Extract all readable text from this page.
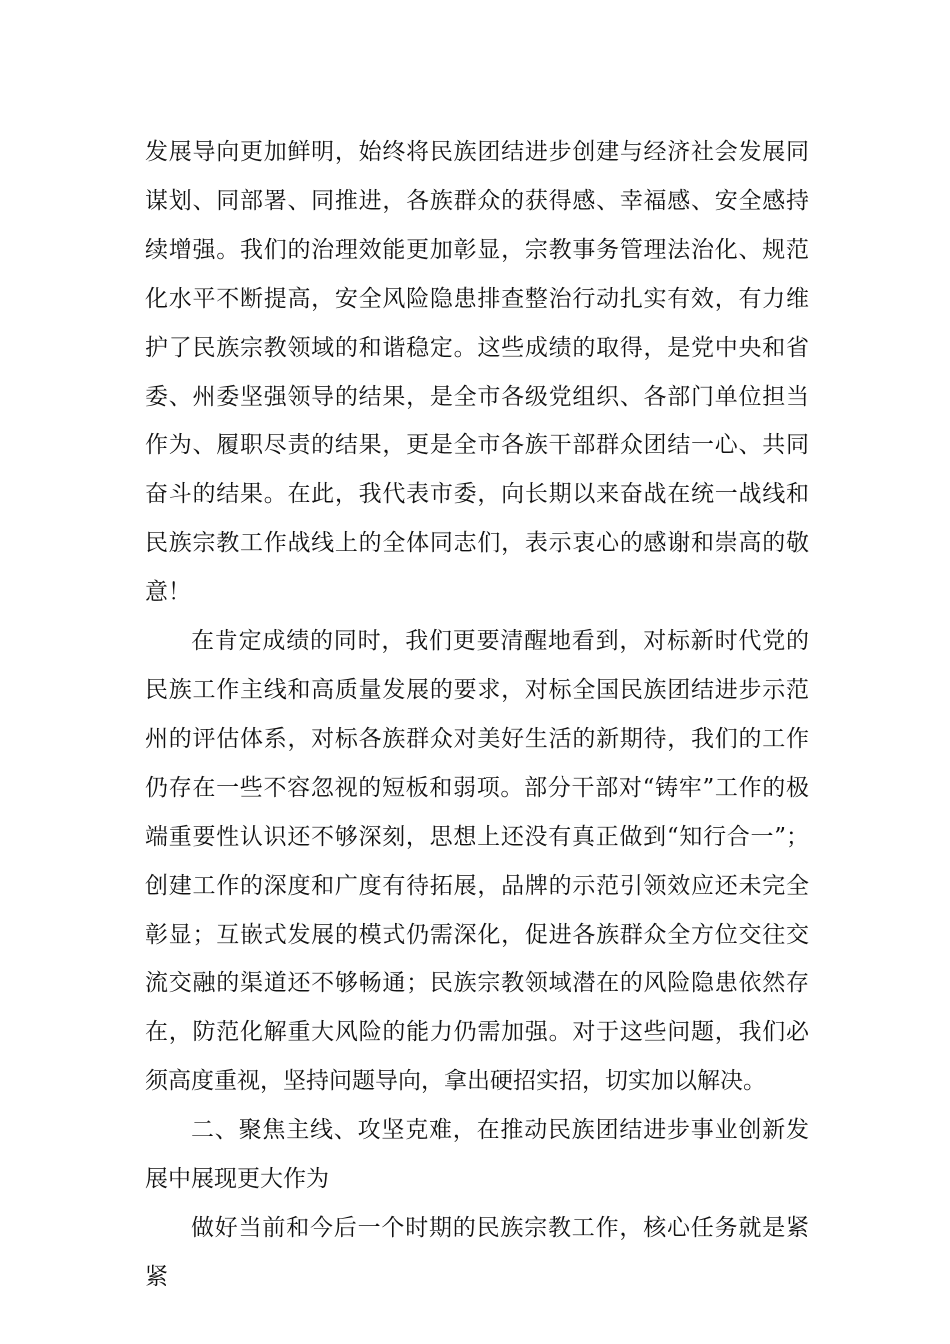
发展导向更加鲜明，始终将民族团结进步创建与经济社会发展同谋划、同部署、同推进，各族群众的获得感、幸福感、安全感持续增强。我们的治理效能更加彰显，宗教事务管理法治化、规范化水平不断提高，安全风险隐患排查整治行动扎实有效，有力维护了民族宗教领域的和谐稳定。这些成绩的取得，是党中央和省委、州委坚强领导的结果，是全市各级党组织、各部门单位担当作为、履职尽责的结果，更是全市各族干部群众团结一心、共同奋斗的结果。在此，我代表市委，向长期以来奋战在统一战线和民族宗教工作战线上的全体同志们，表示衷心的感谢和崇高的敬意！

在肯定成绩的同时，我们更要清醒地看到，对标新时代党的民族工作主线和高质量发展的要求，对标全国民族团结进步示范州的评估体系，对标各族群众对美好生活的新期待，我们的工作仍存在一些不容忽视的短板和弱项。部分干部对“铸牢”工作的极端重要性认识还不够深刻，思想上还没有真正做到“知行合一”；创建工作的深度和广度有待拓展，品牌的示范引领效应还未完全彰显；互嵌式发展的模式仍需深化，促进各族群众全方位交往交流交融的渠道还不够畅通；民族宗教领域潜在的风险隐患依然存在，防范化解重大风险的能力仍需加强。对于这些问题，我们必须高度重视，坚持问题导向，拿出硬招实招，切实加以解决。

二、聚焦主线、攻坚克难，在推动民族团结进步事业创新发展中展现更大作为

做好当前和今后一个时期的民族宗教工作，核心任务就是紧紧
